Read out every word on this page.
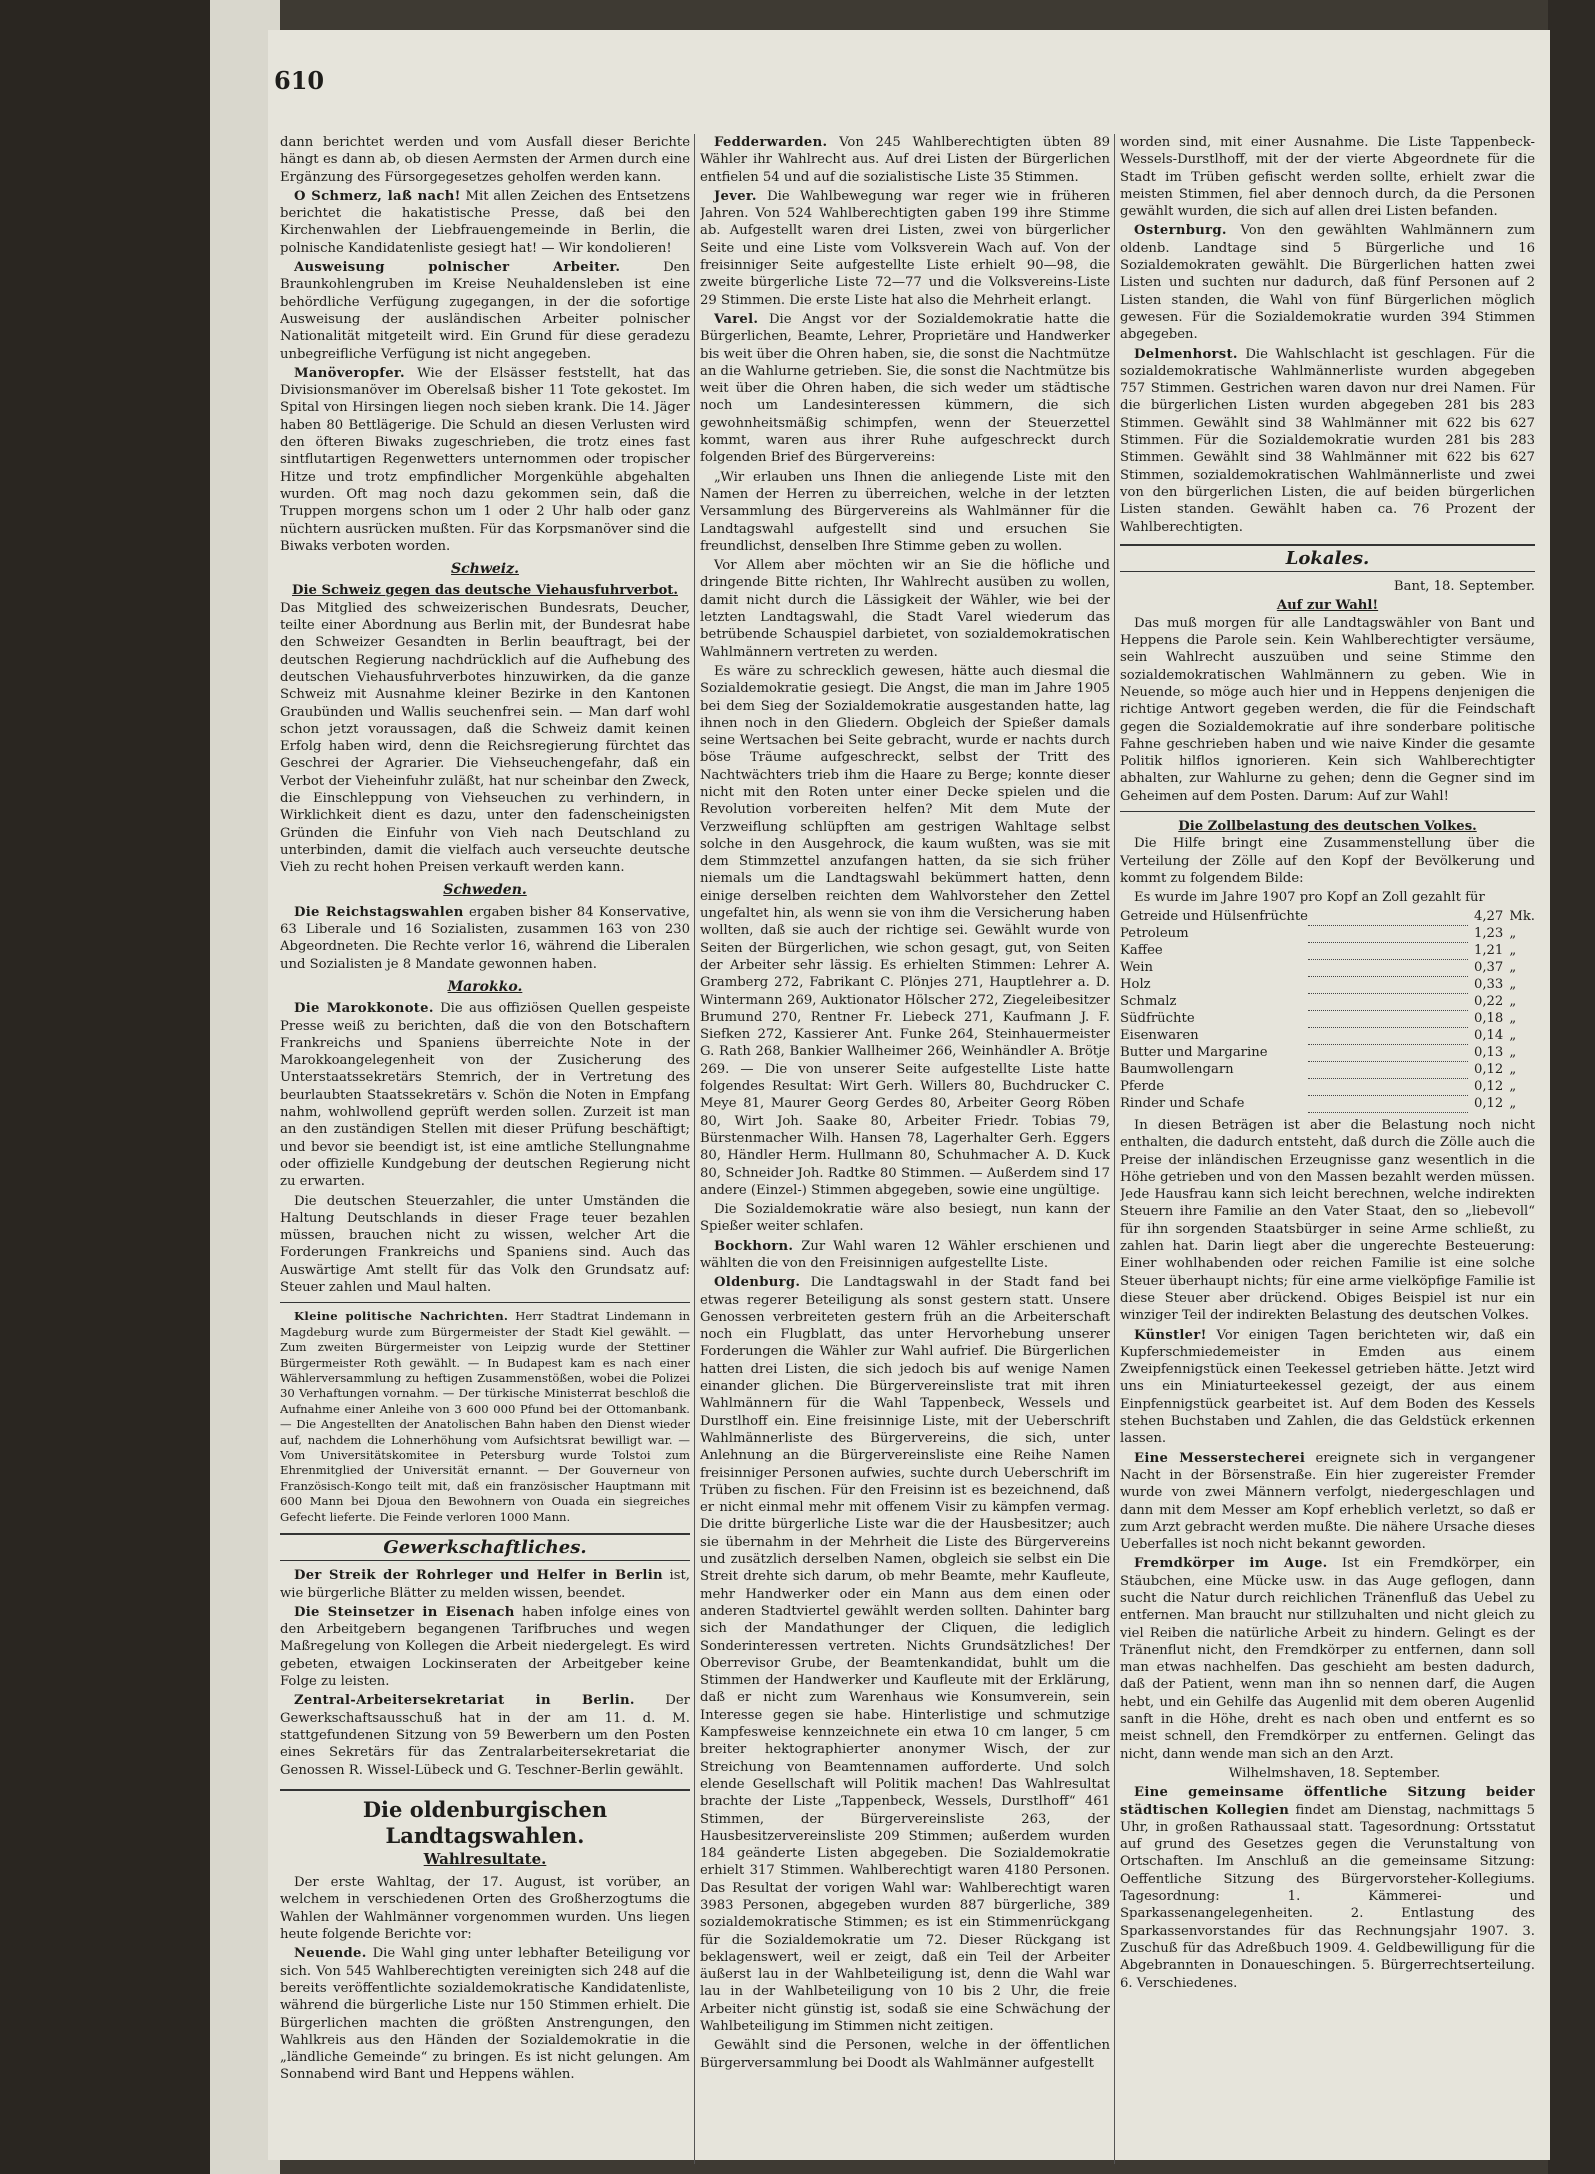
610

dann berichtet werden und vom Ausfall dieser Berichte hängt es dann ab, ob diesen Aermsten der Armen durch eine Ergänzung des Fürsorgegesetzes geholfen werden kann.

O Schmerz, laß nach! Mit allen Zeichen des Entsetzens berichtet die hakatistische Presse, daß bei den Kirchenwahlen der Liebfrauengemeinde in Berlin, die polnische Kandidatenliste gesiegt hat! — Wir kondolieren!

Ausweisung polnischer Arbeiter.	Den Braunkohlengruben im Kreise Neuhaldensleben ist eine behördliche Verfügung zugegangen, in der die sofortige Ausweisung der ausländischen Arbeiter polnischer Nationalität mitgeteilt wird. Ein Grund für diese geradezu unbegreifliche Verfügung ist nicht angegeben.

Manöveropfer. Wie der Elsässer feststellt, hat das Divisionsmanöver im Oberelsaß bisher 11 Tote gekostet. Im Spital von Hirsingen liegen noch sieben krank. Die 14. Jäger haben 80 Bettlägerige. Die Schuld an diesen Verlusten wird den öfteren Biwaks zugeschrieben, die trotz eines fast sintflutartigen Regenwetters unternommen oder tropischer Hitze und trotz empfindlicher Morgenkühle abgehalten wurden. Oft mag noch dazu gekommen sein, daß die Truppen morgens schon um 1 oder 2 Uhr halb oder ganz nüchtern ausrücken mußten. Für das Korpsmanöver sind die Biwaks verboten worden.

Schweiz.
Die Schweiz gegen das deutsche Viehausfuhrverbot.

Das Mitglied des schweizerischen Bundesrats, Deucher, teilte einer Abordnung aus Berlin mit, der Bundesrat habe den Schweizer Gesandten in Berlin beauftragt, bei der deutschen Regierung nachdrücklich auf die Aufhebung des deutschen Viehausfuhrverbotes hinzuwirken, da die ganze Schweiz mit Ausnahme kleiner Bezirke in den Kantonen Graubünden und Wallis seuchenfrei sein. — Man darf wohl schon jetzt voraussagen, daß die Schweiz damit keinen Erfolg haben wird, denn die Reichsregierung fürchtet das Geschrei der Agrarier. Die Viehseuchengefahr, daß ein Verbot der Vieheinfuhr zuläßt, hat nur scheinbar den Zweck, die Einschleppung von Viehseuchen zu verhindern, in Wirklichkeit dient es dazu, unter den fadenscheinigsten Gründen die Einfuhr von Vieh nach Deutschland zu unterbinden, damit die vielfach auch verseuchte deutsche Vieh zu recht hohen Preisen verkauft werden kann.

Schweden.

Die Reichstagswahlen ergaben bisher 84 Konservative, 63 Liberale und 16 Sozialisten, zusammen 163 von 230 Abgeordneten. Die Rechte verlor 16, während die Liberalen und Sozialisten je 8 Mandate gewonnen haben.

Marokko.

Die Marokkonote. Die aus offiziösen Quellen gespeiste Presse weiß zu berichten, daß die von den Botschaftern Frankreichs und Spaniens überreichte Note in der Marokkoangelegenheit von der Zusicherung des Unterstaatssekretärs Stemrich, der in Vertretung des beurlaubten Staatssekretärs v. Schön die Noten in Empfang nahm, wohlwollend geprüft werden sollen. Zurzeit ist man an den zuständigen Stellen mit dieser Prüfung beschäftigt; und bevor sie beendigt ist, ist eine amtliche Stellungnahme oder offizielle Kundgebung der deutschen Regierung nicht zu erwarten.

Die deutschen Steuerzahler, die unter Umständen die Haltung Deutschlands in dieser Frage teuer bezahlen müssen, brauchen nicht zu wissen, welcher Art die Forderungen Frankreichs und Spaniens sind. Auch das Auswärtige Amt stellt für das Volk den Grundsatz auf: Steuer zahlen und Maul halten.

Kleine politische Nachrichten. Herr Stadtrat Lindemann in Magdeburg wurde zum Bürgermeister der Stadt Kiel gewählt. — Zum zweiten Bürgermeister von Leipzig wurde der Stettiner Bürgermeister Roth gewählt. — In Budapest kam es nach einer Wählerversammlung zu heftigen Zusammenstößen, wobei die Polizei 30 Verhaftungen vornahm. — Der türkische Ministerrat beschloß die Aufnahme einer Anleihe von 3 600 000 Pfund bei der Ottomanbank. — Die Angestellten der Anatolischen Bahn haben den Dienst wieder auf, nachdem die Lohnerhöhung vom Aufsichtsrat bewilligt war. — Vom Universitätskomitee in Petersburg wurde Tolstoi zum Ehrenmitglied der Universität ernannt. — Der Gouverneur von Französisch-Kongo teilt mit, daß ein französischer Hauptmann mit 600 Mann bei Djoua den Bewohnern von Ouada ein siegreiches Gefecht lieferte. Die Feinde verloren 1000 Mann.

Gewerkschaftliches.

Der Streik der Rohrleger und Helfer in Berlin ist, wie bürgerliche Blätter zu melden wissen, beendet.

Die Steinsetzer in Eisenach haben infolge eines von den Arbeitgebern begangenen Tarifbruches und wegen Maßregelung von Kollegen die Arbeit niedergelegt. Es wird gebeten, etwaigen Lockinseraten der Arbeitgeber keine Folge zu leisten.

Zentral-Arbeitersekretariat in Berlin. Der Gewerkschaftsausschuß hat in der am 11. d. M. stattgefundenen Sitzung von 59 Bewerbern um den Posten eines Sekretärs für das Zentralarbeitersekretariat die Genossen R. Wissel-Lübeck und G. Teschner-Berlin gewählt.

Die oldenburgischen Landtagswahlen.
Wahlresultate.

Der erste Wahltag, der 17. August, ist vorüber, an welchem in verschiedenen Orten des Großherzogtums die Wahlen der Wahlmänner vorgenommen wurden. Uns liegen heute folgende Berichte vor:

Neuende. Die Wahl ging unter lebhafter Beteiligung vor sich. Von 545 Wahlberechtigten vereinigten sich 248 auf die bereits veröffentlichte sozialdemokratische Kandidatenliste, während die bürgerliche Liste nur 150 Stimmen erhielt. Die Bürgerlichen machten die größten Anstrengungen, den Wahlkreis aus den Händen der Sozialdemokratie in die „ländliche Gemeinde“ zu bringen. Es ist nicht gelungen. Am Sonnabend wird Bant und Heppens wählen.

Fedderwarden. Von 245 Wahlberechtigten übten 89 Wähler ihr Wahlrecht aus. Auf drei Listen der Bürgerlichen entfielen 54 und auf die sozialistische Liste 35 Stimmen.

Jever. Die Wahlbewegung war reger wie in früheren Jahren. Von 524 Wahlberechtigten gaben 199 ihre Stimme ab. Aufgestellt waren drei Listen, zwei von bürgerlicher Seite und eine Liste vom Volksverein Wach auf. Von der freisinniger Seite aufgestellte Liste erhielt 90—98, die zweite bürgerliche Liste 72—77 und die Volksvereins-Liste 29 Stimmen. Die erste Liste hat also die Mehrheit erlangt.

Varel. Die Angst vor der Sozialdemokratie hatte die Bürgerlichen, Beamte, Lehrer, Proprietäre und Handwerker bis weit über die Ohren haben, sie, die sonst die Nachtmütze an die Wahlurne getrieben. Sie, die sonst die Nachtmütze bis weit über die Ohren haben, die sich weder um städtische noch um Landesinteressen kümmern, die sich gewohnheitsmäßig schimpfen, wenn der Steuerzettel kommt, waren aus ihrer Ruhe aufgeschreckt durch folgenden Brief des Bürgervereins:

„Wir erlauben uns Ihnen die anliegende Liste mit den Namen der Herren zu überreichen, welche in der letzten Versammlung des Bürgervereins als Wahlmänner für die Landtagswahl aufgestellt sind und ersuchen Sie freundlichst, denselben Ihre Stimme geben zu wollen.

Vor Allem aber möchten wir an Sie die höfliche und dringende Bitte richten, Ihr Wahlrecht ausüben zu wollen, damit nicht durch die Lässigkeit der Wähler, wie bei der letzten Landtagswahl, die Stadt Varel wiederum das betrübende Schauspiel darbietet, von sozialdemokratischen Wahlmännern vertreten zu werden.

Es wäre zu schrecklich gewesen, hätte auch diesmal die Sozialdemokratie gesiegt. Die Angst, die man im Jahre 1905 bei dem Sieg der Sozialdemokratie ausgestanden hatte, lag ihnen noch in den Gliedern. Obgleich der Spießer damals seine Wertsachen bei Seite gebracht, wurde er nachts durch böse Träume aufgeschreckt, selbst der Tritt des Nachtwächters trieb ihm die Haare zu Berge; konnte dieser nicht mit den Roten unter einer Decke spielen und die Revolution vorbereiten helfen? Mit dem Mute der Verzweiflung schlüpften am gestrigen Wahltage selbst solche in den Ausgehrock, die kaum wußten, was sie mit dem Stimmzettel anzufangen hatten, da sie sich früher niemals um die Landtagswahl bekümmert hatten, denn einige derselben reichten dem Wahlvorsteher den Zettel ungefaltet hin, als wenn sie von ihm die Versicherung haben wollten, daß sie auch der richtige sei. Gewählt wurde von Seiten der Bürgerlichen, wie schon gesagt, gut, von Seiten der Arbeiter sehr lässig. Es erhielten Stimmen: Lehrer A. Gramberg 272, Fabrikant C. Plönjes 271, Hauptlehrer a. D. Wintermann 269, Auktionator Hölscher 272, Ziegeleibesitzer Brumund 270, Rentner Fr. Liebeck 271, Kaufmann J. F. Siefken 272, Kassierer Ant. Funke 264, Steinhauermeister G. Rath 268, Bankier Wallheimer 266, Weinhändler A. Brötje 269. — Die von unserer Seite aufgestellte Liste hatte folgendes Resultat: Wirt Gerh. Willers 80, Buchdrucker C. Meye 81, Maurer Georg Gerdes 80, Arbeiter Georg Röben 80, Wirt Joh. Saake 80, Arbeiter Friedr. Tobias 79, Bürstenmacher Wilh. Hansen 78, Lagerhalter Gerh. Eggers 80, Händler Herm. Hullmann 80, Schuhmacher A. D. Kuck 80, Schneider Joh. Radtke 80 Stimmen. — Außerdem sind 17 andere (Einzel-) Stimmen abgegeben, sowie eine ungültige.

Die Sozialdemokratie wäre also besiegt, nun kann der Spießer weiter schlafen.

Bockhorn. Zur Wahl waren 12 Wähler erschienen und wählten die von den Freisinnigen aufgestellte Liste.

Oldenburg. Die Landtagswahl in der Stadt fand bei etwas regerer Beteiligung als sonst gestern statt. Unsere Genossen verbreiteten gestern früh an die Arbeiterschaft noch ein Flugblatt, das unter Hervorhebung unserer Forderungen die Wähler zur Wahl aufrief. Die Bürgerlichen hatten drei Listen, die sich jedoch bis auf wenige Namen einander glichen. Die Bürgervereinsliste trat mit ihren Wahlmännern für die Wahl Tappenbeck, Wessels und Durstlhoff ein. Eine freisinnige Liste, mit der Ueberschrift Wahlmännerliste des Bürgervereins, die sich, unter Anlehnung an die Bürgervereinsliste eine Reihe Namen freisinniger Personen aufwies, suchte durch Ueberschrift im Trüben zu fischen. Für den Freisinn ist es bezeichnend, daß er nicht einmal mehr mit offenem Visir zu kämpfen vermag. Die dritte bürgerliche Liste war die der Hausbesitzer; auch sie übernahm in der Mehrheit die Liste des Bürgervereins und zusätzlich derselben Namen, obgleich sie selbst ein Die Streit drehte sich darum, ob mehr Beamte, mehr Kaufleute, mehr Handwerker oder ein Mann aus dem einen oder anderen Stadtviertel gewählt werden sollten. Dahinter barg sich der Mandathunger der Cliquen, die lediglich Sonderinteressen vertreten. Nichts Grundsätzliches! Der Oberrevisor Grube, der Beamtenkandidat, buhlt um die Stimmen der Handwerker und Kaufleute mit der Erklärung, daß er nicht zum Warenhaus wie Konsumverein, sein Interesse gegen sie habe. Hinterlistige und schmutzige Kampfesweise kennzeichnete ein etwa 10 cm langer, 5 cm breiter hektographierter anonymer Wisch, der zur Streichung von Beamtennamen aufforderte. Und solch elende Gesellschaft will Politik machen! Das Wahlresultat brachte der Liste „Tappenbeck, Wessels, Durstlhoff“ 461 Stimmen, der Bürgervereinsliste 263, der Hausbesitzervereinsliste 209 Stimmen; außerdem wurden 184 geänderte Listen abgegeben. Die Sozialdemokratie erhielt 317 Stimmen. Wahlberechtigt waren 4180 Personen. Das Resultat der vorigen Wahl war: Wahlberechtigt waren 3983 Personen, abgegeben wurden 887 bürgerliche, 389 sozialdemokratische Stimmen; es ist ein Stimmenrückgang für die Sozialdemokratie um 72. Dieser Rückgang ist beklagenswert, weil er zeigt, daß ein Teil der Arbeiter äußerst lau in der Wahlbeteiligung ist, denn die Wahl war lau in der Wahlbeteiligung von 10 bis 2 Uhr, die freie Arbeiter nicht günstig ist, sodaß sie eine Schwächung der Wahlbeteiligung im Stimmen nicht zeitigen.

Gewählt sind die Personen, welche in der öffentlichen Bürgerversammlung bei Doodt als Wahlmänner aufgestellt

worden sind, mit einer Ausnahme. Die Liste Tappenbeck-Wessels-Durstlhoff, mit der der vierte Abgeordnete für die Stadt im Trüben gefischt werden sollte, erhielt zwar die meisten Stimmen, fiel aber dennoch durch, da die Personen gewählt wurden, die sich auf allen drei Listen befanden.

Osternburg. Von den gewählten Wahlmännern zum oldenb. Landtage sind 5 Bürgerliche und 16 Sozialdemokraten gewählt. Die Bürgerlichen hatten zwei Listen und suchten nur dadurch, daß fünf Personen auf 2 Listen standen, die Wahl von fünf Bürgerlichen möglich gewesen. Für die Sozialdemokratie wurden 394 Stimmen abgegeben.

Delmenhorst. Die Wahlschlacht ist geschlagen. Für die sozialdemokratische Wahlmännerliste wurden abgegeben 757 Stimmen. Gestrichen waren davon nur drei Namen. Für die bürgerlichen Listen wurden abgegeben 281 bis 283 Stimmen. Gewählt sind 38 Wahlmänner mit 622 bis 627 Stimmen. Für die Sozialdemokratie wurden 281 bis 283 Stimmen. Gewählt sind 38 Wahlmänner mit 622 bis 627 Stimmen, sozialdemokratischen Wahlmännerliste und zwei von den bürgerlichen Listen, die auf beiden bürgerlichen Listen standen. Gewählt haben ca. 76 Prozent der Wahlberechtigten.

Lokales.

Bant, 18. September.

Auf zur Wahl!

Das muß morgen für alle Landtagswähler von Bant und Heppens die Parole sein. Kein Wahlberechtigter versäume, sein Wahlrecht auszuüben und seine Stimme den sozialdemokratischen Wahlmännern zu geben. Wie in Neuende, so möge auch hier und in Heppens denjenigen die richtige Antwort gegeben werden, die für die Feindschaft gegen die Sozialdemokratie auf ihre sonderbare politische Fahne geschrieben haben und wie naive Kinder die gesamte Politik hilflos ignorieren. Kein sich Wahlberechtigter abhalten, zur Wahlurne zu gehen; denn die Gegner sind im Geheimen auf dem Posten. Darum: Auf zur Wahl!

Die Zollbelastung des deutschen Volkes.

Die Hilfe bringt eine Zusammenstellung über die Verteilung der Zölle auf den Kopf der Bevölkerung und kommt zu folgendem Bilde:

Es wurde im Jahre 1907 pro Kopf an Zoll gezahlt für

Getreide und Hülsenfrüchte		4,27	Mk.
Petroleum		1,23	„
Kaffee		1,21	„
Wein		0,37	„
Holz		0,33	„
Schmalz		0,22	„
Südfrüchte		0,18	„
Eisenwaren		0,14	„
Butter und Margarine		0,13	„
Baumwollengarn		0,12	„
Pferde		0,12	„
Rinder und Schafe		0,12	„

In diesen Beträgen ist aber die Belastung noch nicht enthalten, die dadurch entsteht, daß durch die Zölle auch die Preise der inländischen Erzeugnisse ganz wesentlich in die Höhe getrieben und von den Massen bezahlt werden müssen. Jede Hausfrau kann sich leicht berechnen, welche indirekten Steuern ihre Familie an den Vater Staat, den so „liebevoll“ für ihn sorgenden Staatsbürger in seine Arme schließt, zu zahlen hat. Darin liegt aber die ungerechte Besteuerung: Einer wohlhabenden oder reichen Familie ist eine solche Steuer überhaupt nichts; für eine arme vielköpfige Familie ist diese Steuer aber drückend. Obiges Beispiel ist nur ein winziger Teil der indirekten Belastung des deutschen Volkes.

Künstler! Vor einigen Tagen berichteten wir, daß ein Kupferschmiedemeister in Emden aus einem Zweipfennigstück einen Teekessel getrieben hätte. Jetzt wird uns ein Miniaturteekessel gezeigt, der aus einem Einpfennigstück gearbeitet ist. Auf dem Boden des Kessels stehen Buchstaben und Zahlen, die das Geldstück erkennen lassen.

Eine Messerstecherei ereignete sich in vergangener Nacht in der Börsenstraße. Ein hier zugereister Fremder wurde von zwei Männern verfolgt, niedergeschlagen und dann mit dem Messer am Kopf erheblich verletzt, so daß er zum Arzt gebracht werden mußte. Die nähere Ursache dieses Ueberfalles ist noch nicht bekannt geworden.

Fremdkörper im Auge. Ist ein Fremdkörper, ein Stäubchen, eine Mücke usw. in das Auge geflogen, dann sucht die Natur durch reichlichen Tränenfluß das Uebel zu entfernen. Man braucht nur stillzuhalten und nicht gleich zu viel Reiben die natürliche Arbeit zu hindern. Gelingt es der Tränenflut nicht, den Fremdkörper zu entfernen, dann soll man etwas nachhelfen. Das geschieht am besten dadurch, daß der Patient, wenn man ihn so nennen darf, die Augen hebt, und ein Gehilfe das Augenlid mit dem oberen Augenlid sanft in die Höhe, dreht es nach oben und entfernt es so meist schnell, den Fremdkörper zu entfernen. Gelingt das nicht, dann wende man sich an den Arzt.

Wilhelmshaven, 18. September.

Eine gemeinsame öffentliche Sitzung beider städtischen Kollegien findet am Dienstag, nachmittags 5 Uhr, in großen Rathaussaal statt. Tagesordnung: Ortsstatut auf grund des Gesetzes gegen die Verunstaltung von Ortschaften. Im Anschluß an die gemeinsame Sitzung: Oeffentliche Sitzung des Bürgervorsteher-Kollegiums. Tagesordnung: 1. Kämmerei- und Sparkassenangelegenheiten. 2. Entlastung des Sparkassenvorstandes für das Rechnungsjahr 1907. 3. Zuschuß für das Adreßbuch 1909. 4. Geldbewilligung für die Abgebrannten in Donaueschingen. 5. Bürgerrechtserteilung. 6. Verschiedenes.
